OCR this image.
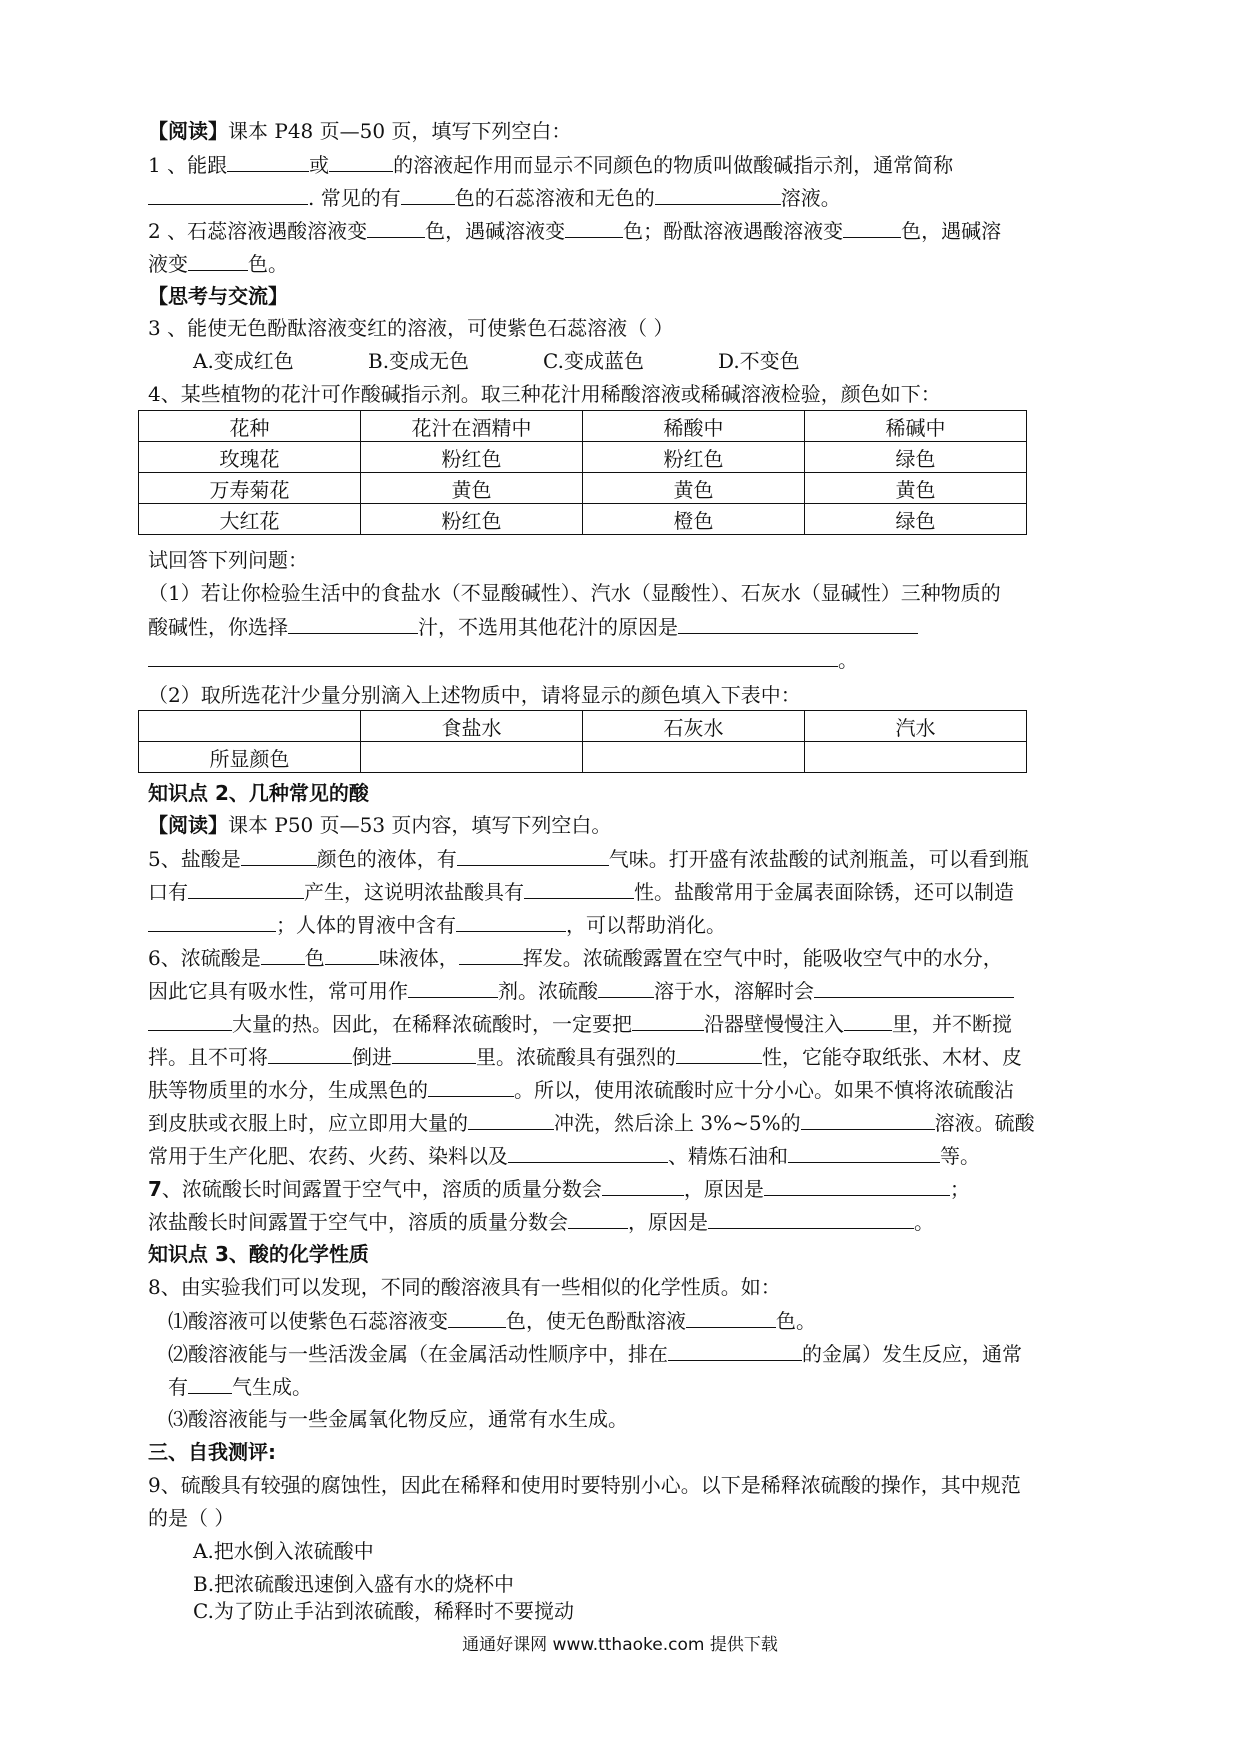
【阅读】课本 P48 页—50 页，填写下列空白：
1 、能跟	或	的溶液起作用而显示不同颜色的物质叫做酸碱指示剂，通常简称
. 常见的有	色的石蕊溶液和无色的	溶液。
2 、石蕊溶液遇酸溶液变	色，遇碱溶液变	色；酚酞溶液遇酸溶液变	色，遇碱溶
液变	色。
【思考与交流】
3 、能使无色酚酞溶液变红的溶液，可使紫色石蕊溶液（ ）
A.变成红色	B.变成无色	C.变成蓝色	D.不变色
4、某些植物的花汁可作酸碱指示剂。取三种花汁用稀酸溶液或稀碱溶液检验，颜色如下：
花种	花汁在酒精中	稀酸中	稀碱中
玫瑰花	粉红色	粉红色	绿色
万寿菊花	黄色	黄色	黄色
大红花	粉红色	橙色	绿色
试回答下列问题：
（1）若让你检验生活中的食盐水（不显酸碱性）、汽水（显酸性）、石灰水（显碱性）三种物质的
酸碱性，你选择	汁，不选用其他花汁的原因是
。
（2）取所选花汁少量分别滴入上述物质中，请将显示的颜色填入下表中：
	食盐水	石灰水	汽水
所显颜色			
知识点 2、几种常见的酸
【阅读】课本 P50 页—53 页内容，填写下列空白。
5、盐酸是	颜色的液体，有	气味。打开盛有浓盐酸的试剂瓶盖，可以看到瓶
口有	产生，这说明浓盐酸具有	性。盐酸常用于金属表面除锈，还可以制造
；人体的胃液中含有	，可以帮助消化。
6、浓硫酸是 色	味液体，	挥发。浓硫酸露置在空气中时，能吸收空气中的水分，
因此它具有吸水性，常可用作	剂。浓硫酸	溶于水，溶解时会
大量的热。因此，在稀释浓硫酸时，一定要把	沿器壁慢慢注入 里，并不断搅
拌。且不可将	倒进	里。浓硫酸具有强烈的	性，它能夺取纸张、木材、皮
肤等物质里的水分，生成黑色的	。所以，使用浓硫酸时应十分小心。如果不慎将浓硫酸沾
到皮肤或衣服上时，应立即用大量的	冲洗，然后涂上 3%~5%的	溶液。硫酸
常用于生产化肥、农药、火药、染料以及	、精炼石油和	等。
7、浓硫酸长时间露置于空气中，溶质的质量分数会	，原因是	；
浓盐酸长时间露置于空气中，溶质的质量分数会	，原因是	。
知识点 3、酸的化学性质
8、由实验我们可以发现，不同的酸溶液具有一些相似的化学性质。如：
⑴酸溶液可以使紫色石蕊溶液变	色，使无色酚酞溶液	色。
⑵酸溶液能与一些活泼金属（在金属活动性顺序中，排在	的金属）发生反应，通常
有 气生成。
⑶酸溶液能与一些金属氧化物反应，通常有水生成。
三、自我测评:
9、硫酸具有较强的腐蚀性，因此在稀释和使用时要特别小心。以下是稀释浓硫酸的操作，其中规范
的是（ ）
A.把水倒入浓硫酸中
B.把浓硫酸迅速倒入盛有水的烧杯中
C.为了防止手沾到浓硫酸，稀释时不要搅动
通通好课网 www.tthaoke.com 提供下载
